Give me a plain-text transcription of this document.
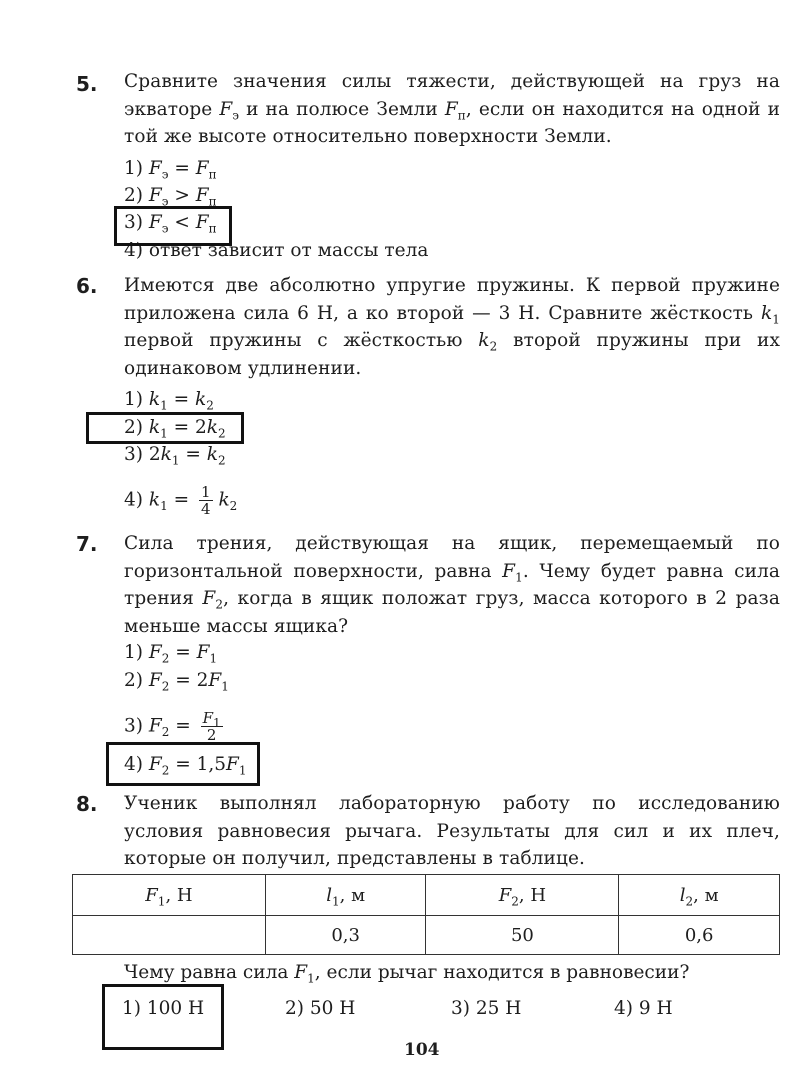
5. Сравните значения силы тяжести, действующей на груз на экваторе $F_э$ и на полюсе Земли $F_п$, если он находится на одной и той же высоте относительно поверхности Земли.
1) $F_э = F_п$
2) $F_э > F_п$
3) $F_э < F_п$
4) ответ зависит от массы тела
6. Имеются две абсолютно упругие пружины. К первой пружине приложена сила 6 Н, а ко второй — 3 Н. Сравните жёсткость $k_1$ первой пружины с жёсткостью $k_2$ второй пружины при их одинаковом удлинении.
1) $k_1 = k_2$
2) $k_1 = 2k_2$
3) $2k_1 = k_2$
4) $k_1 = \frac{1}{4} k_2$
7. Сила трения, действующая на ящик, перемещаемый по горизонтальной поверхности, равна $F_1$. Чему будет равна сила трения $F_2$, когда в ящик положат груз, масса которого в 2 раза меньше массы ящика?
1) $F_2 = F_1$
2) $F_2 = 2F_1$
3) $F_2 = \frac{F_1}{2}$
4) $F_2 = 1,5F_1$
8. Ученик выполнял лабораторную работу по исследованию условия равновесия рычага. Результаты для сил и их плеч, которые он получил, представлены в таблице.
$F_1$, Н	$l_1$, м	$F_2$, Н	$l_2$, м
	0,3	50	0,6
Чему равна сила $F_1$, если рычаг находится в равновесии?
1) 100 Н	2) 50 Н	3) 25 Н	4) 9 Н
104
